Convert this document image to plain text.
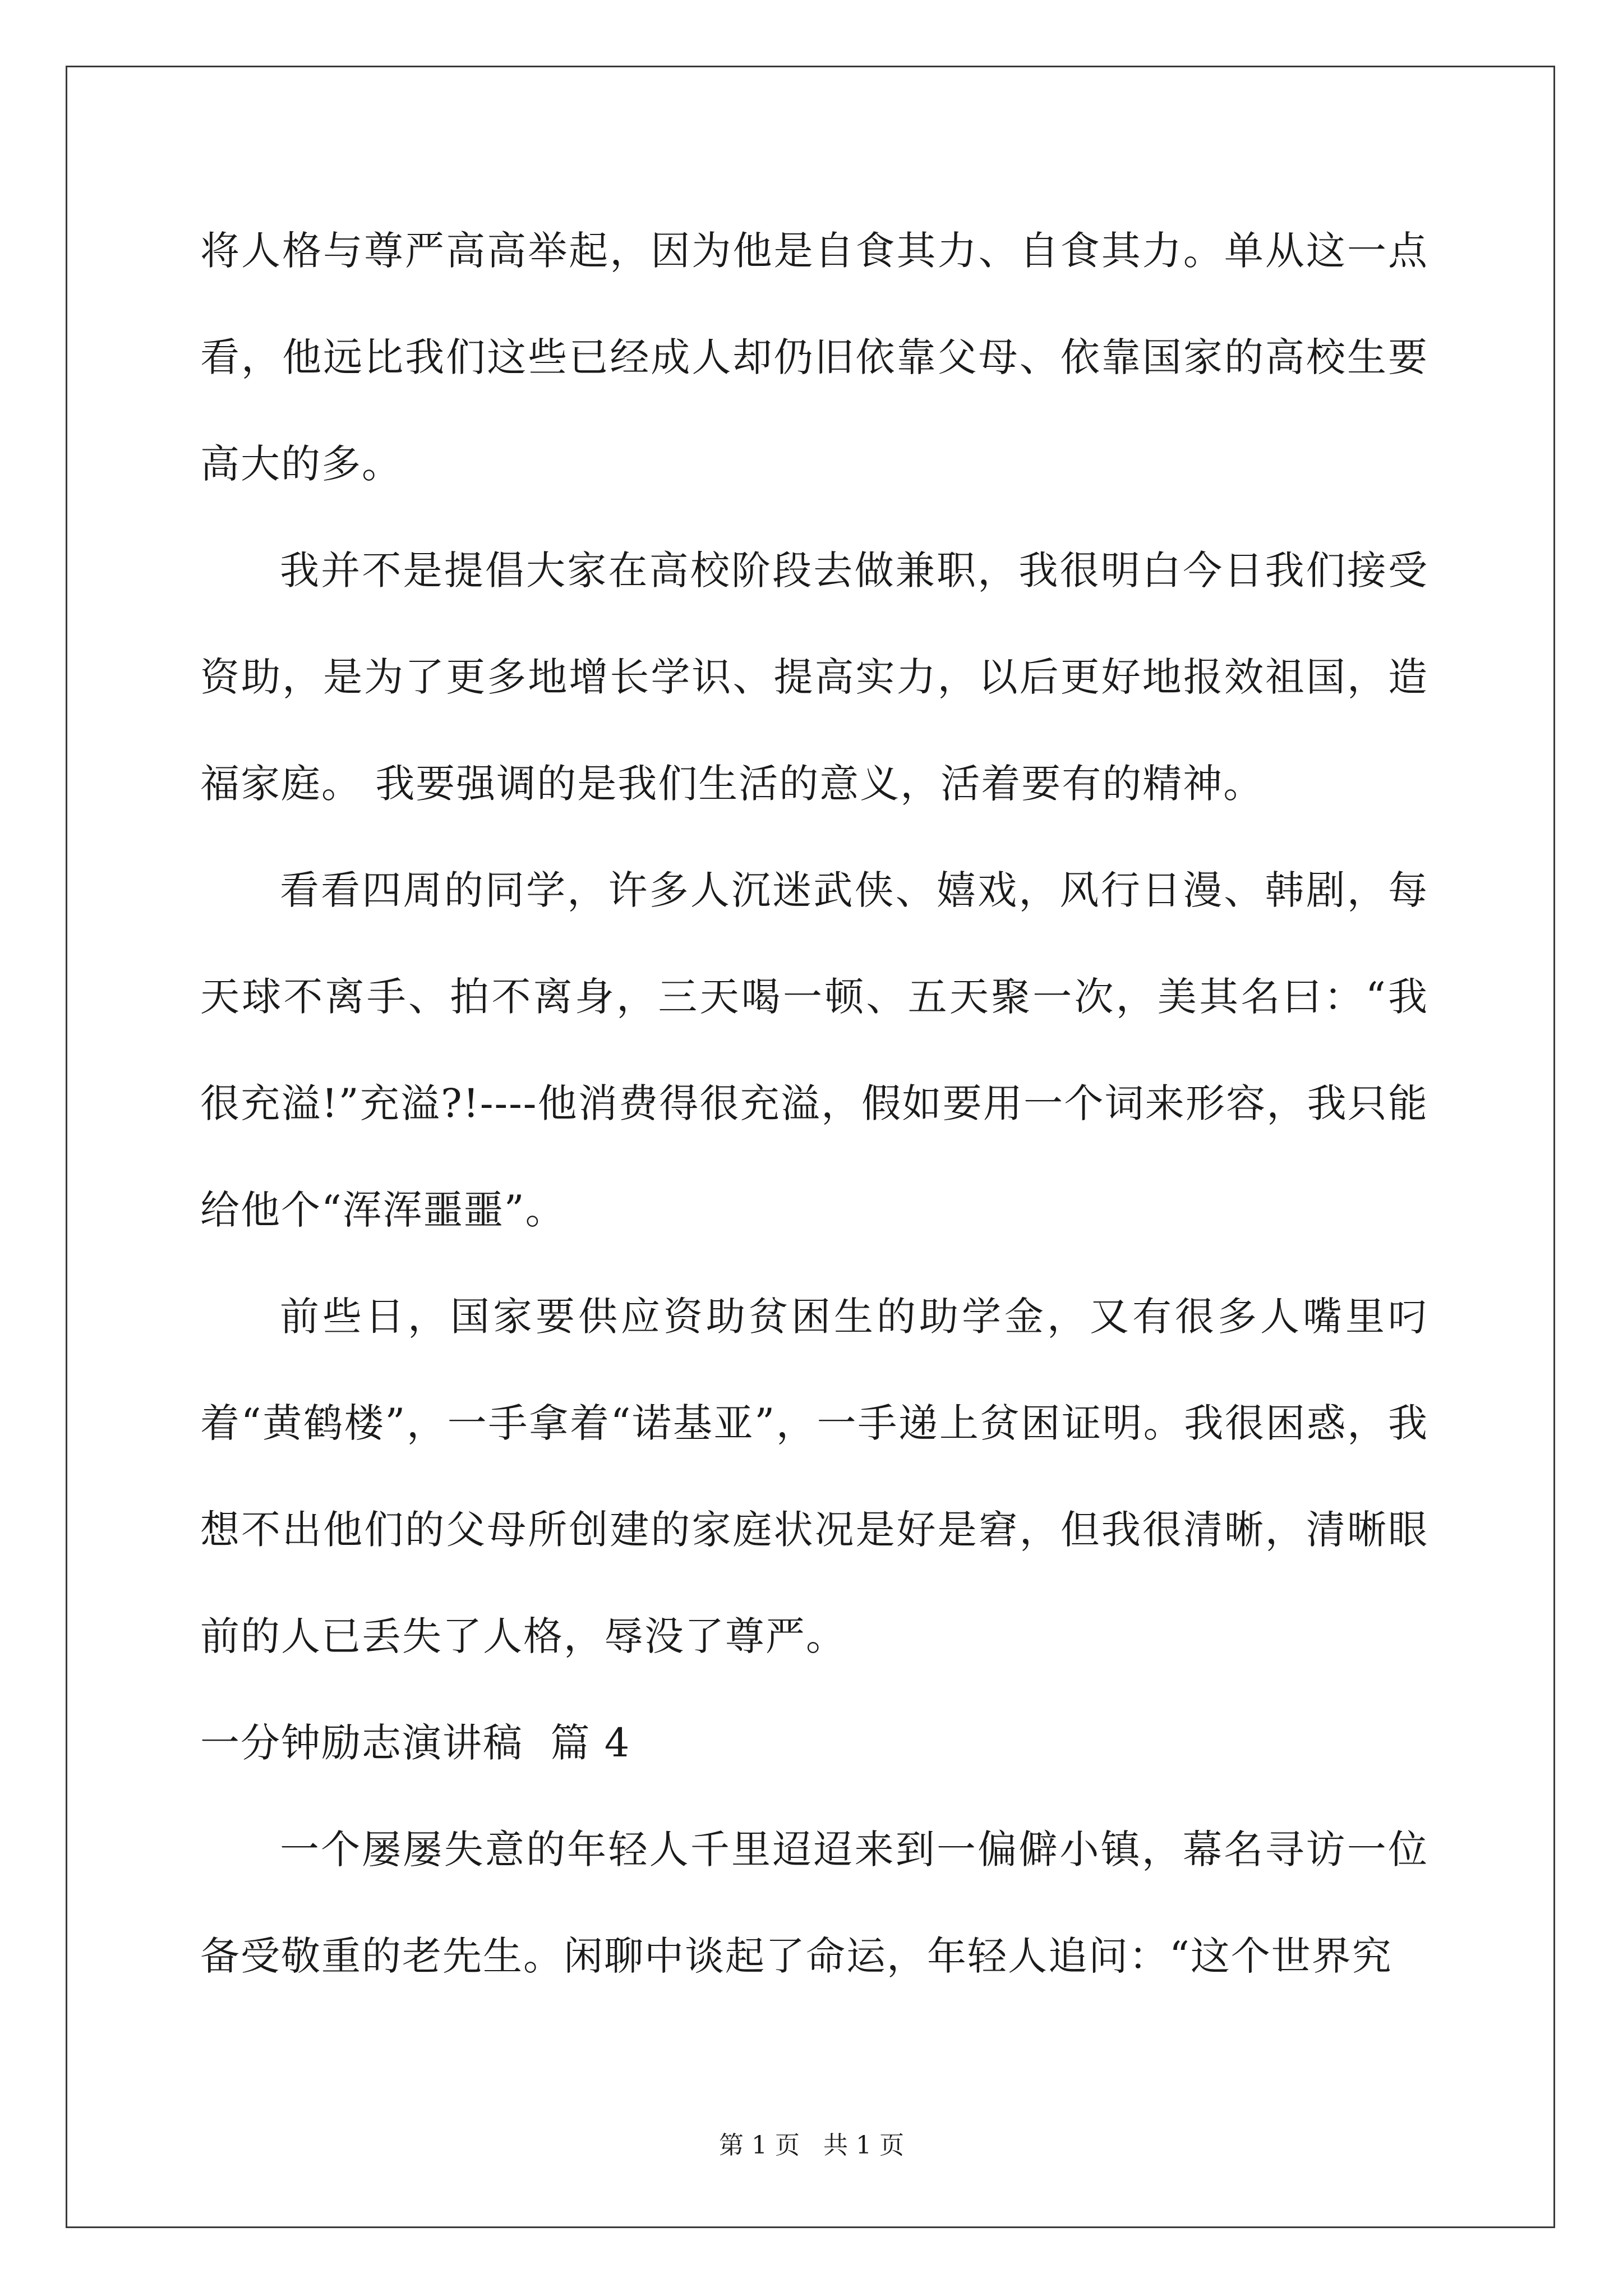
将人格与尊严高高举起，因为他是自食其力、自食其力。单从这一点看，他远比我们这些已经成人却仍旧依靠父母、依靠国家的高校生要高大的多。

我并不是提倡大家在高校阶段去做兼职，我很明白今日我们接受资助，是为了更多地增长学识、提高实力，以后更好地报效祖国，造福家庭。 我要强调的是我们生活的意义，活着要有的精神。

看看四周的同学，许多人沉迷武侠、嬉戏，风行日漫、韩剧，每天球不离手、拍不离身，三天喝一顿、五天聚一次，美其名曰：“我很充溢!”充溢?!----他消费得很充溢，假如要用一个词来形容，我只能给他个“浑浑噩噩”。

前些日，国家要供应资助贫困生的助学金，又有很多人嘴里叼着“黄鹤楼”，一手拿着“诺基亚”，一手递上贫困证明。我很困惑，我想不出他们的父母所创建的家庭状况是好是窘，但我很清晰，清晰眼前的人已丢失了人格，辱没了尊严。

一分钟励志演讲稿  篇 4

一个屡屡失意的年轻人千里迢迢来到一偏僻小镇，幕名寻访一位备受敬重的老先生。闲聊中谈起了命运，年轻人追问：“这个世界究

第 1 页   共 1 页
